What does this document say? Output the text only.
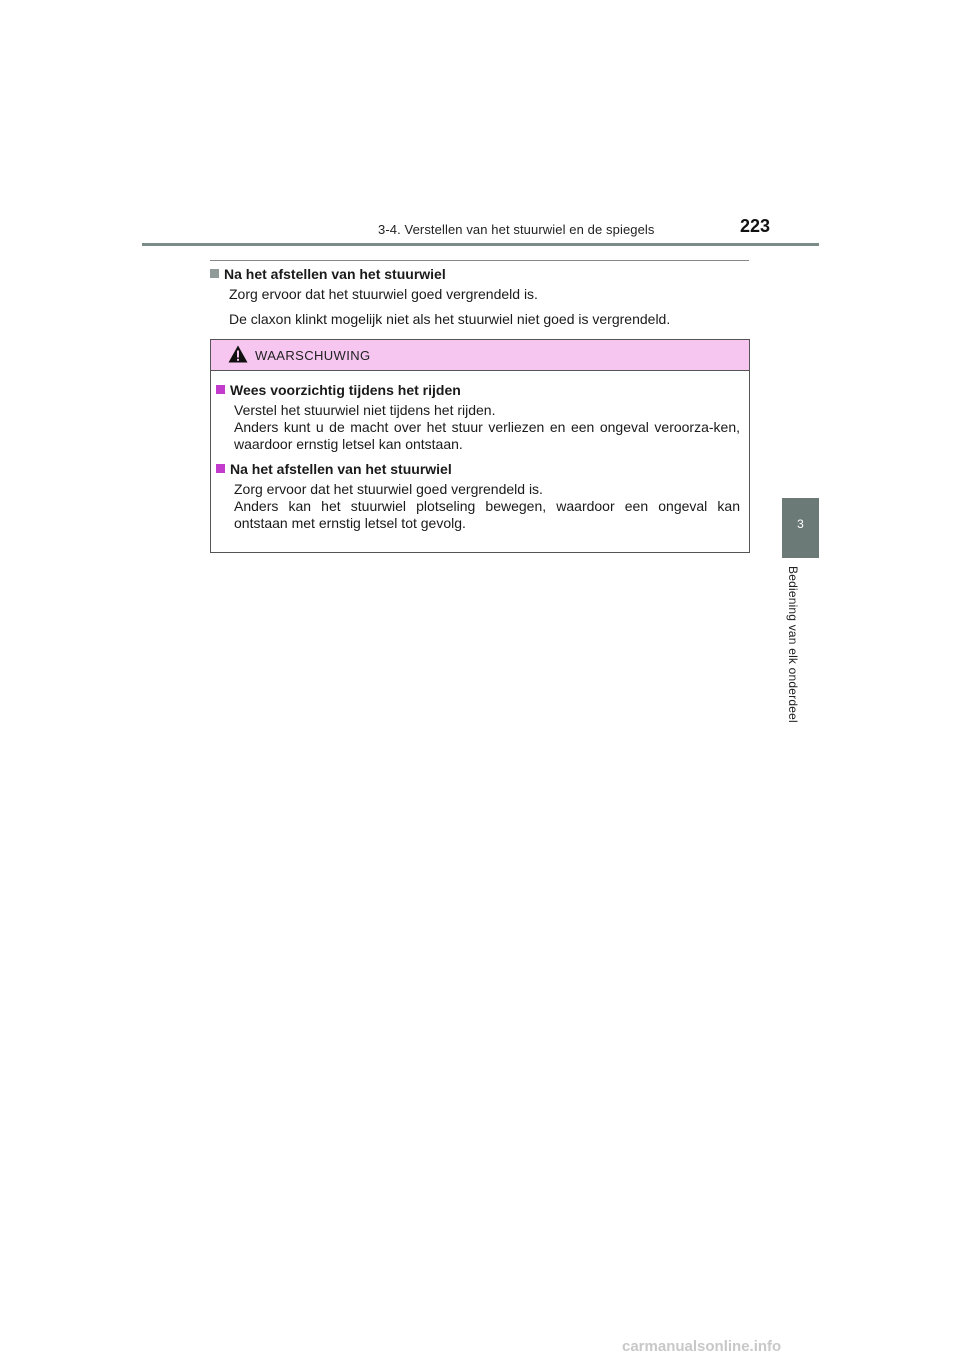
3-4. Verstellen van het stuurwiel en de spiegels	223
3
Bediening van elk onderdeel
Na het afstellen van het stuurwiel
Zorg ervoor dat het stuurwiel goed vergrendeld is.
De claxon klinkt mogelijk niet als het stuurwiel niet goed is vergrendeld.
WAARSCHUWING
Wees voorzichtig tijdens het rijden
Verstel het stuurwiel niet tijdens het rijden.
Anders kunt u de macht over het stuur verliezen en een ongeval veroorza-ken, waardoor ernstig letsel kan ontstaan.
Na het afstellen van het stuurwiel
Zorg ervoor dat het stuurwiel goed vergrendeld is.
Anders kan het stuurwiel plotseling bewegen, waardoor een ongeval kan ontstaan met ernstig letsel tot gevolg.
carmanualsonline.info
